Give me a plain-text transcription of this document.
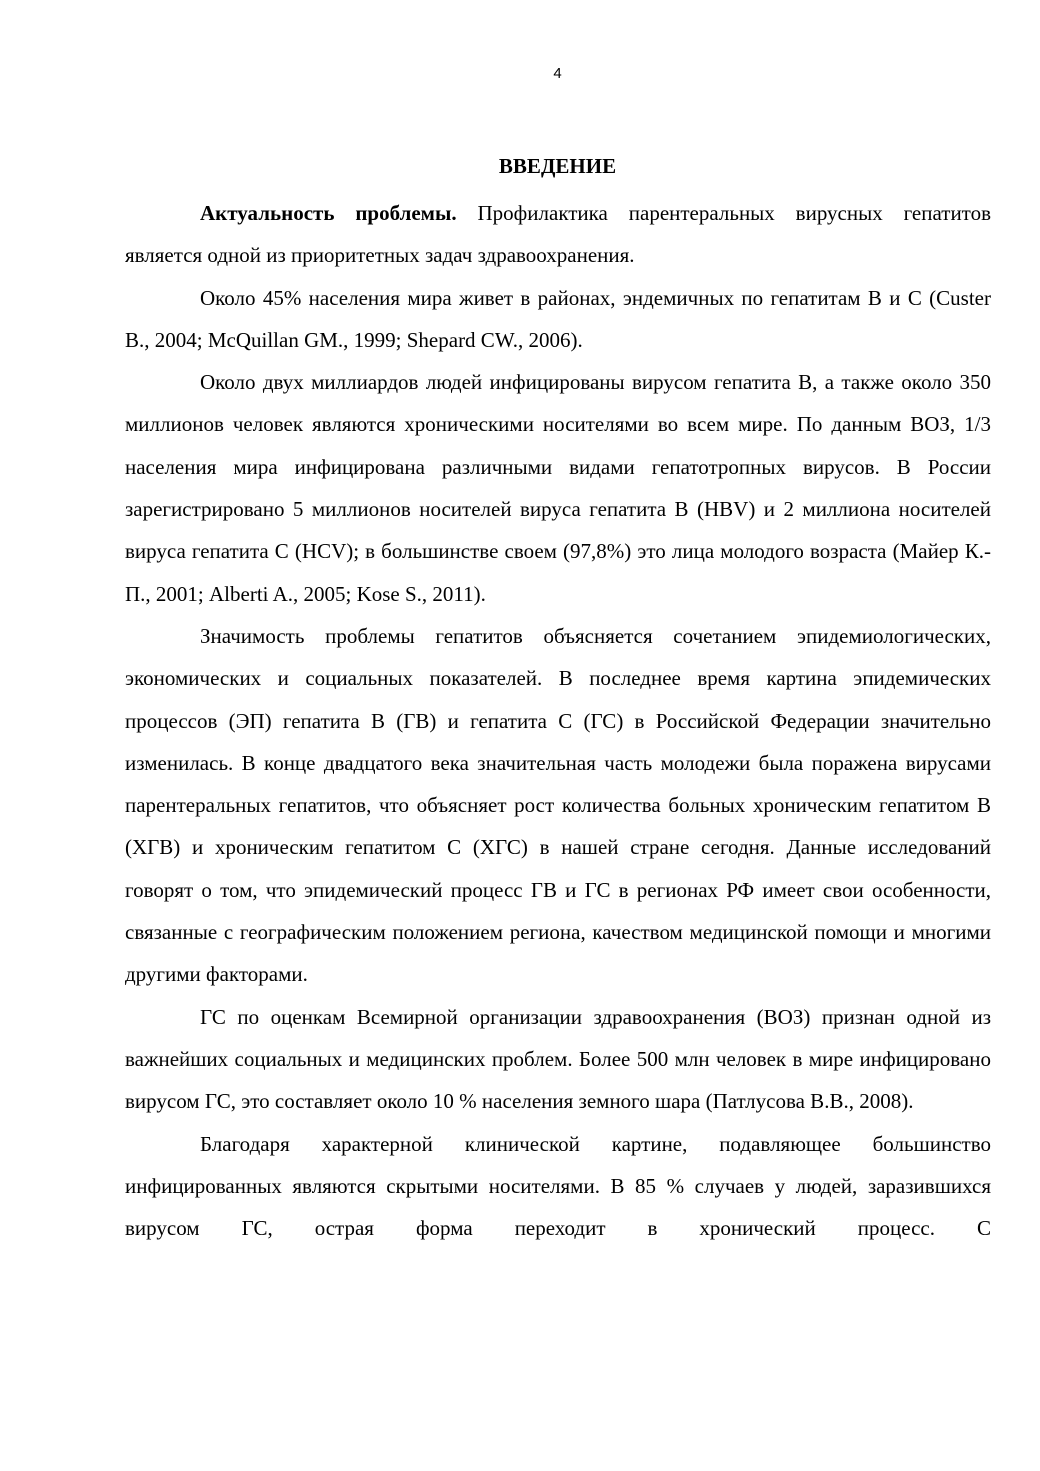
4
ВВЕДЕНИЕ

Актуальность проблемы. Профилактика парентеральных вирусных гепатитов является одной из приоритетных задач здравоохранения.

Около 45% населения мира живет в районах, эндемичных по гепатитам В и С (Custer B., 2004; McQuillan GM., 1999; Shepard CW., 2006).

Около двух миллиардов людей инфицированы вирусом гепатита В, а также около 350 миллионов человек являются хроническими носителями во всем мире. По данным ВОЗ, 1/3 населения мира инфицирована различными видами гепатотропных вирусов. В России зарегистрировано 5 миллионов носителей вируса гепатита В (HBV) и 2 миллиона носителей вируса гепатита С (HCV); в большинстве своем (97,8%) это лица молодого возраста (Майер К.-П., 2001; Alberti A., 2005; Kose S., 2011).

Значимость проблемы гепатитов объясняется сочетанием эпидемиологических, экономических и социальных показателей. В последнее время картина эпидемических процессов (ЭП) гепатита В (ГВ) и гепатита С (ГС) в Российской Федерации значительно изменилась. В конце двадцатого века значительная часть молодежи была поражена вирусами парентеральных гепатитов, что объясняет рост количества больных хроническим гепатитом В (ХГВ) и хроническим гепатитом С (ХГС) в нашей стране сегодня. Данные исследований говорят о том, что эпидемический процесс ГВ и ГС в регионах РФ имеет свои особенности, связанные с географическим положением региона, качеством медицинской помощи и многими другими факторами.

ГС по оценкам Всемирной организации здравоохранения (ВОЗ) признан одной из важнейших социальных и медицинских проблем. Более 500 млн человек в мире инфицировано вирусом ГС, это составляет около 10 % населения земного шара (Патлусова В.В., 2008).

Благодаря характерной клинической картине, подавляющее большинство инфицированных являются скрытыми носителями. В 85 % случаев у людей, заразившихся вирусом ГС, острая форма переходит в хронический процесс. С
